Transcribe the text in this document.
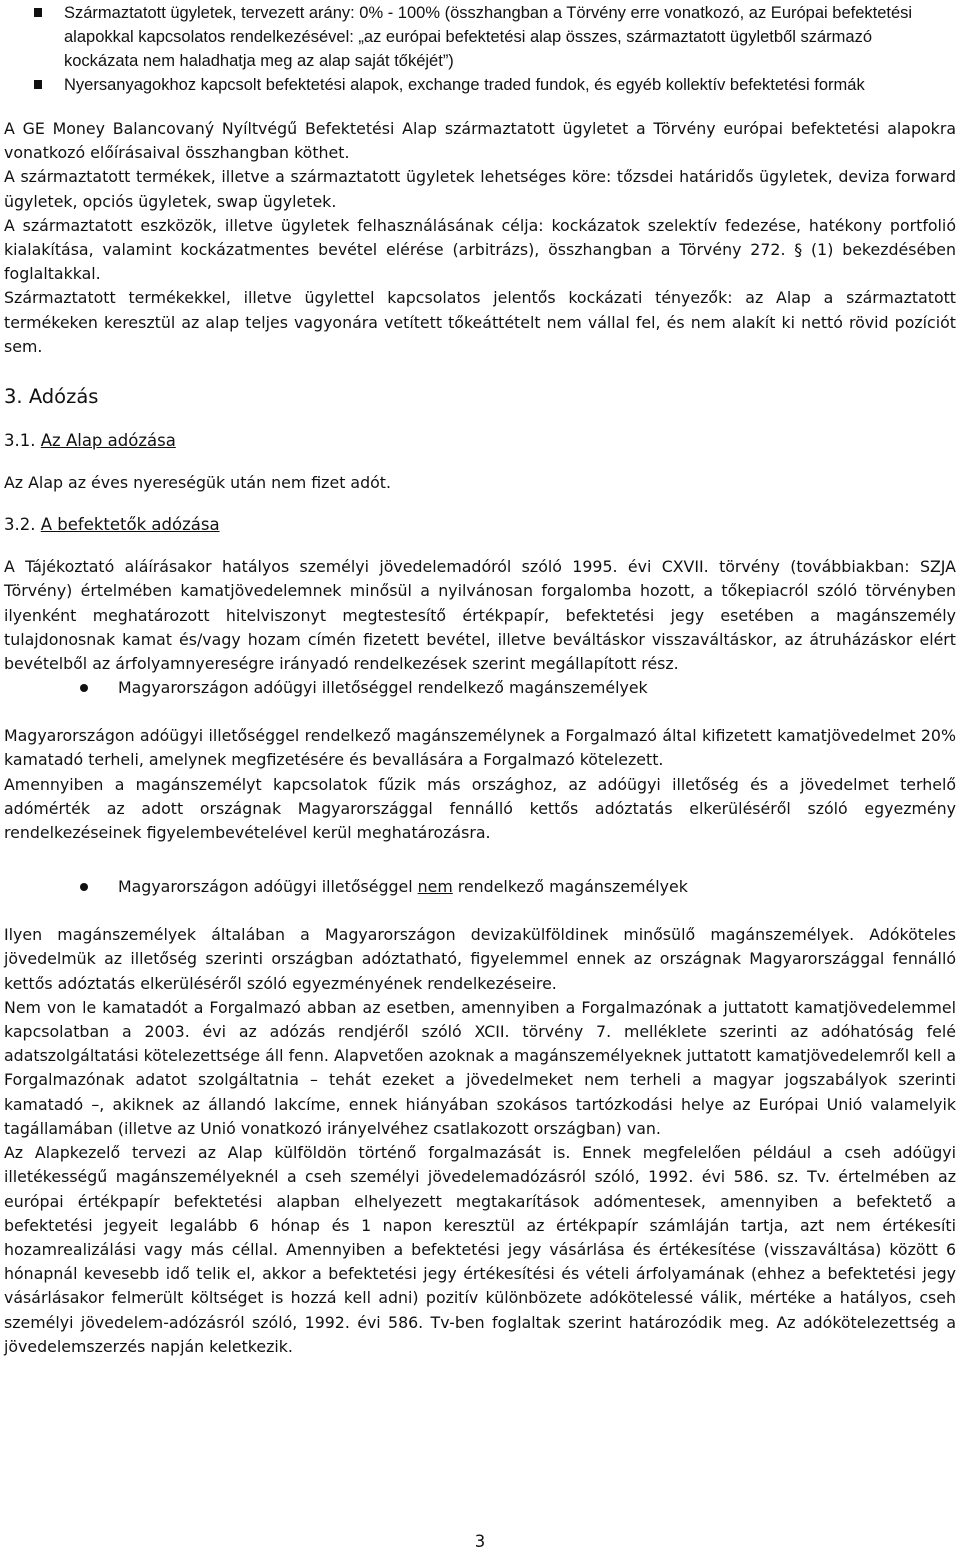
Származtatott ügyletek, tervezett arány: 0% - 100% (összhangban a Törvény erre vonatkozó, az Európai befektetési alapokkal kapcsolatos rendelkezésével: „az európai befektetési alap összes, származtatott ügyletből származó kockázata nem haladhatja meg az alap saját tőkéjét”)
Nyersanyagokhoz kapcsolt befektetési alapok, exchange traded fundok, és egyéb kollektív befektetési formák

A GE Money Balancovaný Nyíltvégű Befektetési Alap származtatott ügyletet a Törvény európai befektetési alapokra vonatkozó előírásaival összhangban köthet.

A származtatott termékek, illetve a származtatott ügyletek lehetséges köre: tőzsdei határidős ügyletek, deviza forward ügyletek, opciós ügyletek, swap ügyletek.

A származtatott eszközök, illetve ügyletek felhasználásának célja: kockázatok szelektív fedezése, hatékony portfolió kialakítása, valamint kockázatmentes bevétel elérése (arbitrázs), összhangban a Törvény 272. § (1) bekezdésében foglaltakkal.

Származtatott termékekkel, illetve ügylettel kapcsolatos jelentős kockázati tényezők: az Alap a származtatott termékeken keresztül az alap teljes vagyonára vetített tőkeáttételt nem vállal fel, és nem alakít ki nettó rövid pozíciót sem.

3. Adózás
3.1. Az Alap adózása

Az Alap az éves nyereségük után nem fizet adót.

3.2. A befektetők adózása

A Tájékoztató aláírásakor hatályos személyi jövedelemadóról szóló 1995. évi CXVII. törvény (továbbiakban: SZJA Törvény) értelmében kamatjövedelemnek minősül a nyilvánosan forgalomba hozott, a tőkepiacról szóló törvényben ilyenként meghatározott hitelviszonyt megtestesítő értékpapír, befektetési jegy esetében a magánszemély tulajdonosnak kamat és/vagy hozam címén fizetett bevétel, illetve beváltáskor visszaváltáskor, az átruházáskor elért bevételből az árfolyamnyereségre irányadó rendelkezések szerint megállapított rész.

Magyarországon adóügyi illetőséggel rendelkező magánszemélyek

Magyarországon adóügyi illetőséggel rendelkező magánszemélynek a Forgalmazó által kifizetett kamatjövedelmet 20% kamatadó terheli, amelynek megfizetésére és bevallására a Forgalmazó kötelezett.

Amennyiben a magánszemélyt kapcsolatok fűzik más országhoz, az adóügyi illetőség és a jövedelmet terhelő adómérték az adott országnak Magyarországgal fennálló kettős adóztatás elkerüléséről szóló egyezmény rendelkezéseinek figyelembevételével kerül meghatározásra.

Magyarországon adóügyi illetőséggel nem rendelkező magánszemélyek

Ilyen magánszemélyek általában a Magyarországon devizakülföldinek minősülő magánszemélyek. Adóköteles jövedelmük az illetőség szerinti országban adóztatható, figyelemmel ennek az országnak Magyarországgal fennálló kettős adóztatás elkerüléséről szóló egyezményének rendelkezéseire.

Nem von le kamatadót a Forgalmazó abban az esetben, amennyiben a Forgalmazónak a juttatott kamatjövedelemmel kapcsolatban a 2003. évi az adózás rendjéről szóló XCII. törvény 7. melléklete szerinti az adóhatóság felé adatszolgáltatási kötelezettsége áll fenn. Alapvetően azoknak a magánszemélyeknek juttatott kamatjövedelemről kell a Forgalmazónak adatot szolgáltatnia – tehát ezeket a jövedelmeket nem terheli a magyar jogszabályok szerinti kamatadó –, akiknek az állandó lakcíme, ennek hiányában szokásos tartózkodási helye az Európai Unió valamelyik tagállamában (illetve az Unió vonatkozó irányelvéhez csatlakozott országban) van.

Az Alapkezelő tervezi az Alap külföldön történő forgalmazását is. Ennek megfelelően például a cseh adóügyi illetékességű magánszemélyeknél a cseh személyi jövedelemadózásról szóló, 1992. évi 586. sz. Tv. értelmében az európai értékpapír befektetési alapban elhelyezett megtakarítások adómentesek, amennyiben a befektető a befektetési jegyeit legalább 6 hónap és 1 napon keresztül az értékpapír számláján tartja, azt nem értékesíti hozamrealizálási vagy más céllal. Amennyiben a befektetési jegy vásárlása és értékesítése (visszaváltása) között 6 hónapnál kevesebb idő telik el, akkor a befektetési jegy értékesítési és vételi árfolyamának (ehhez a befektetési jegy vásárlásakor felmerült költséget is hozzá kell adni) pozitív különbözete adókötelessé válik, mértéke a hatályos, cseh személyi jövedelem-adózásról szóló, 1992. évi 586. Tv-ben foglaltak szerint határozódik meg. Az adókötelezettség a jövedelemszerzés napján keletkezik.

3
